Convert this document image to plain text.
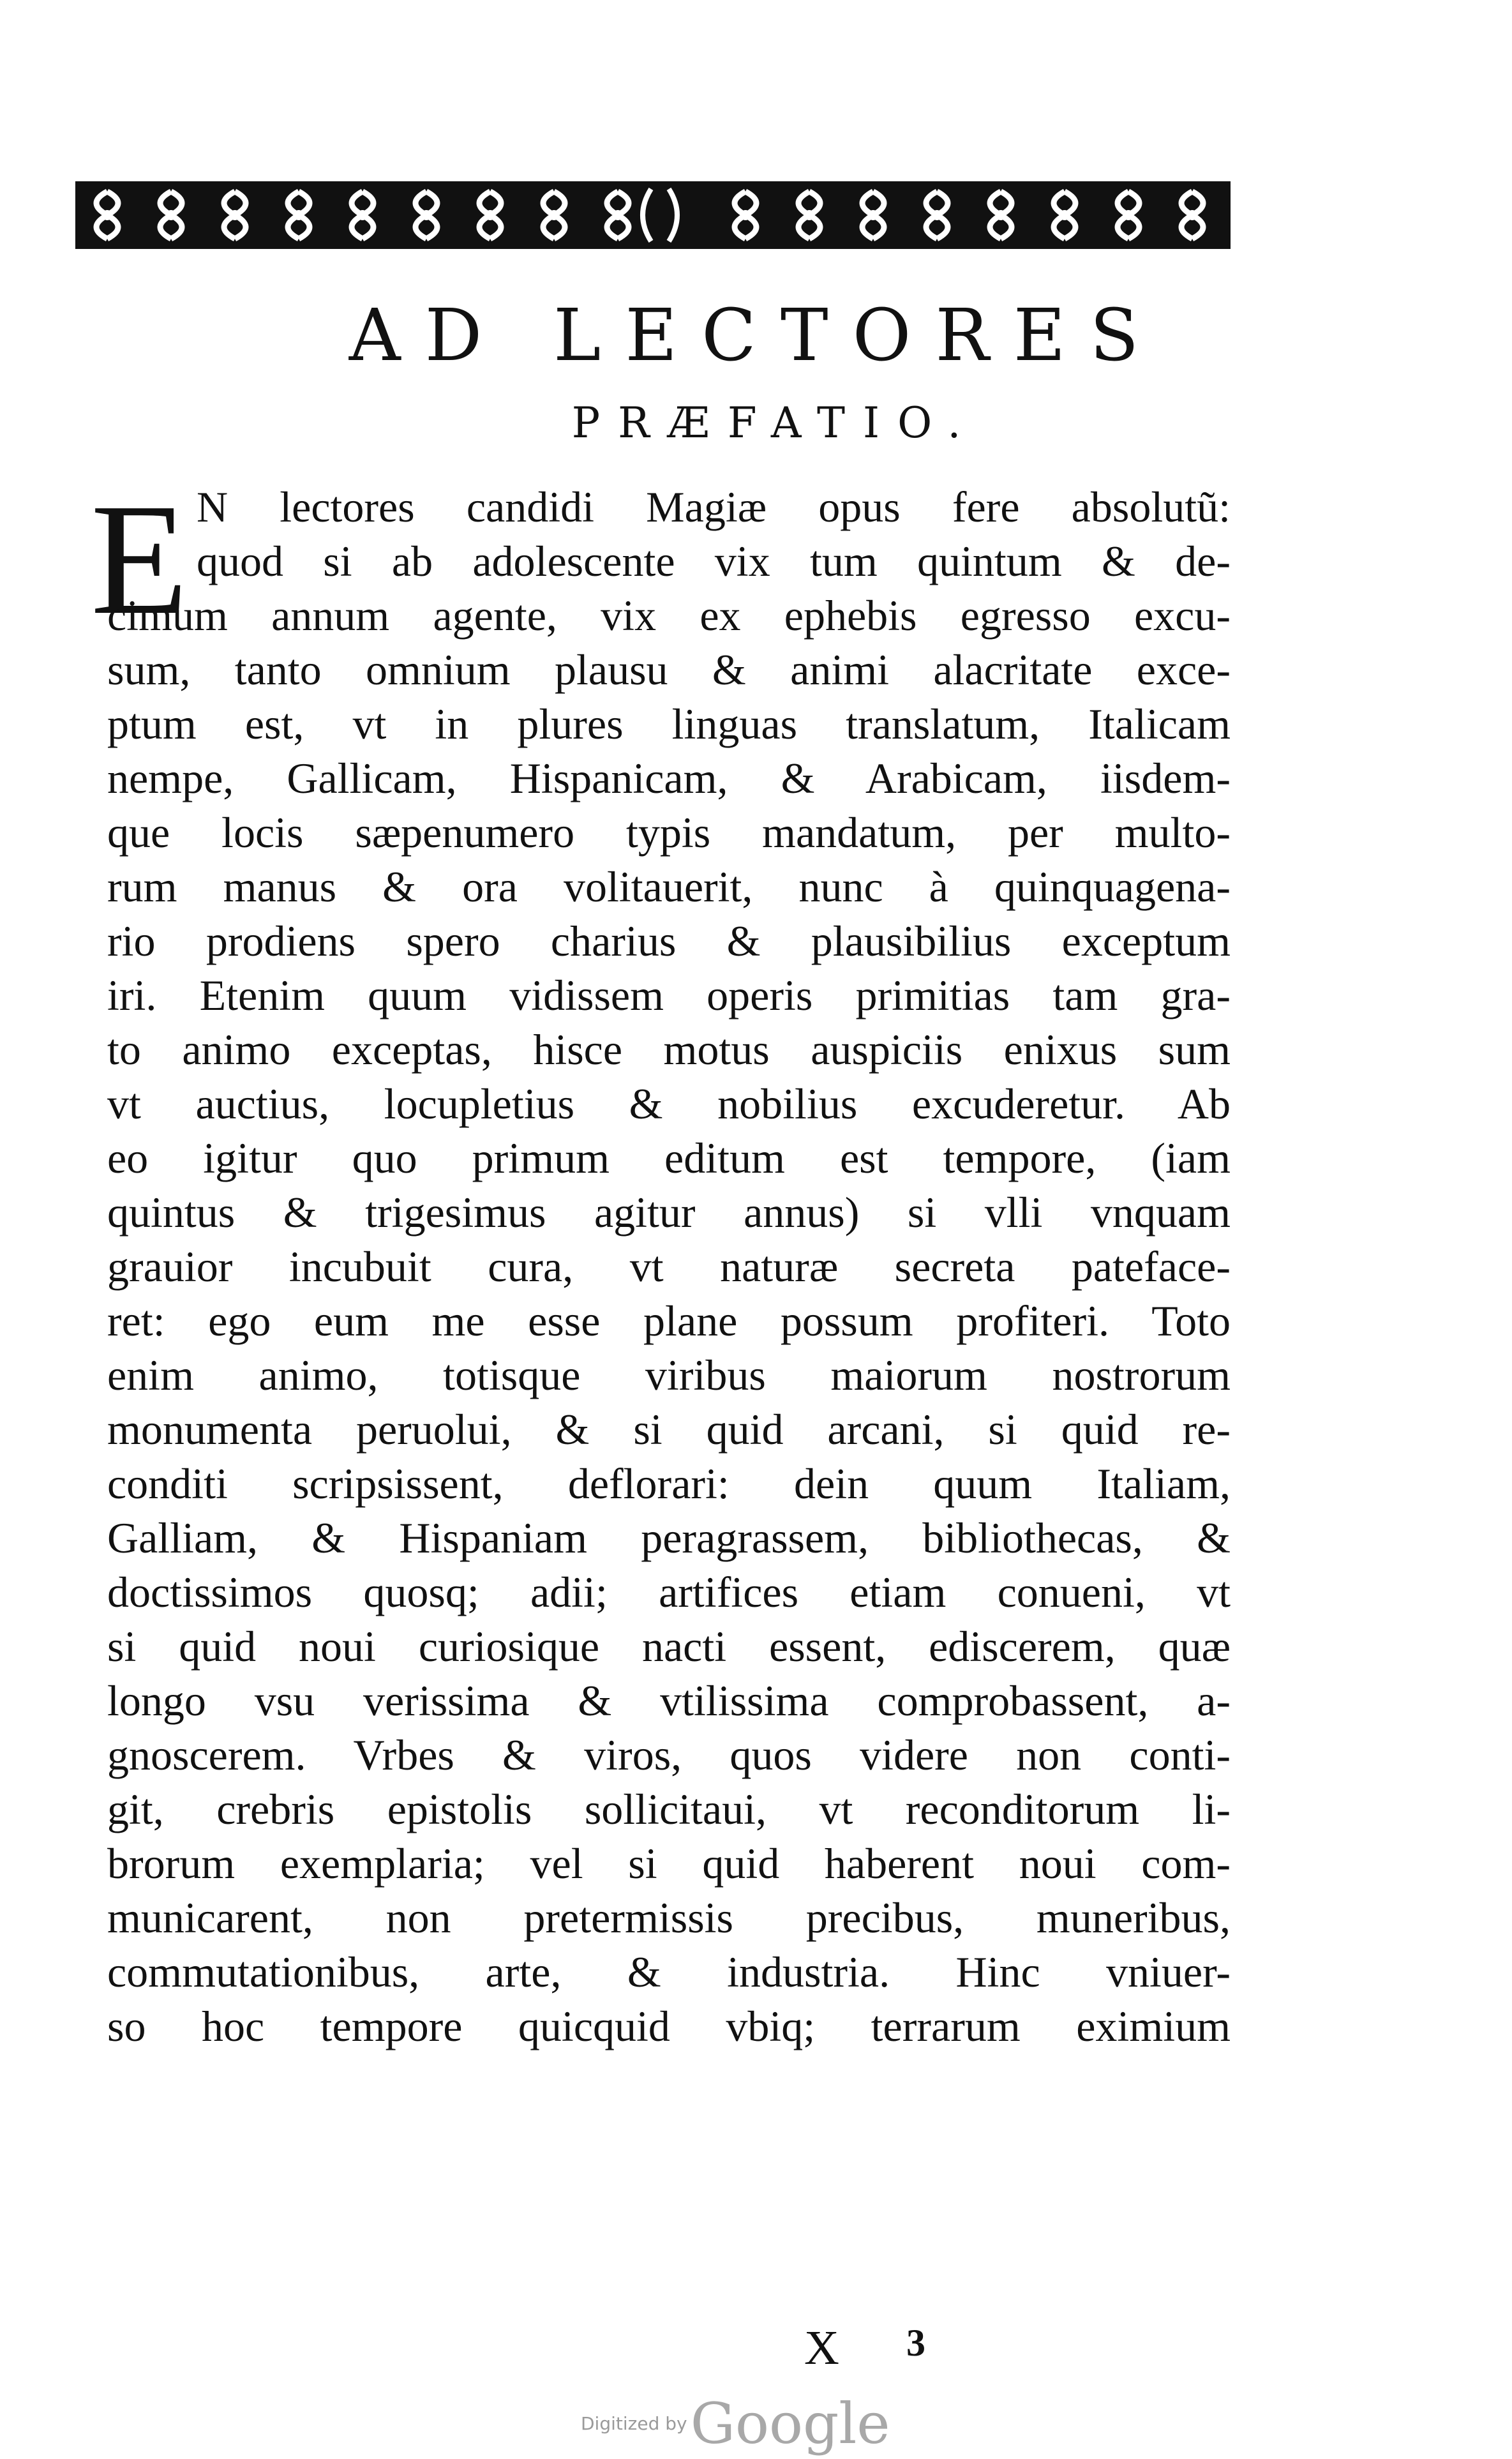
AD LECTORES
PRÆFATIO.
E N lectores candidi Magiæ opus fere absolutũ:
quod si ab adolescente vix tum quintum & de-
cimum annum agente, vix ex ephebis egresso excu-
sum, tanto omnium plausu & animi alacritate exce-
ptum est, vt in plures linguas translatum, Italicam
nempe, Gallicam, Hispanicam, & Arabicam, iisdem-
que locis sæpenumero typis mandatum, per multo-
rum manus & ora volitauerit, nunc à quinquagena-
rio prodiens spero charius & plausibilius exceptum
iri. Etenim quum vidissem operis primitias tam gra-
to animo exceptas, hisce motus auspiciis enixus sum
vt auctius, locupletius & nobilius excuderetur. Ab
eo igitur quo primum editum est tempore, (iam
quintus & trigesimus agitur annus) si vlli vnquam
grauior incubuit cura, vt naturæ secreta pateface-
ret: ego eum me esse plane possum profiteri. Toto
enim animo, totisque viribus maiorum nostrorum
monumenta peruolui, & si quid arcani, si quid re-
conditi scripsissent, deflorari: dein quum Italiam,
Galliam, & Hispaniam peragrassem, bibliothecas, &
doctissimos quosq; adii; artifices etiam conueni, vt
si quid noui curiosique nacti essent, ediscerem, quæ
longo vsu verissima & vtilissima comprobassent, a-
gnoscerem. Vrbes & viros, quos videre non conti-
git, crebris epistolis sollicitaui, vt reconditorum li-
brorum exemplaria; vel si quid haberent noui com-
municarent, non pretermissis precibus, muneribus,
commutationibus, arte, & industria. Hinc vniuer-
so hoc tempore quicquid vbiq; terrarum eximium
X 3
Digitized by Google
